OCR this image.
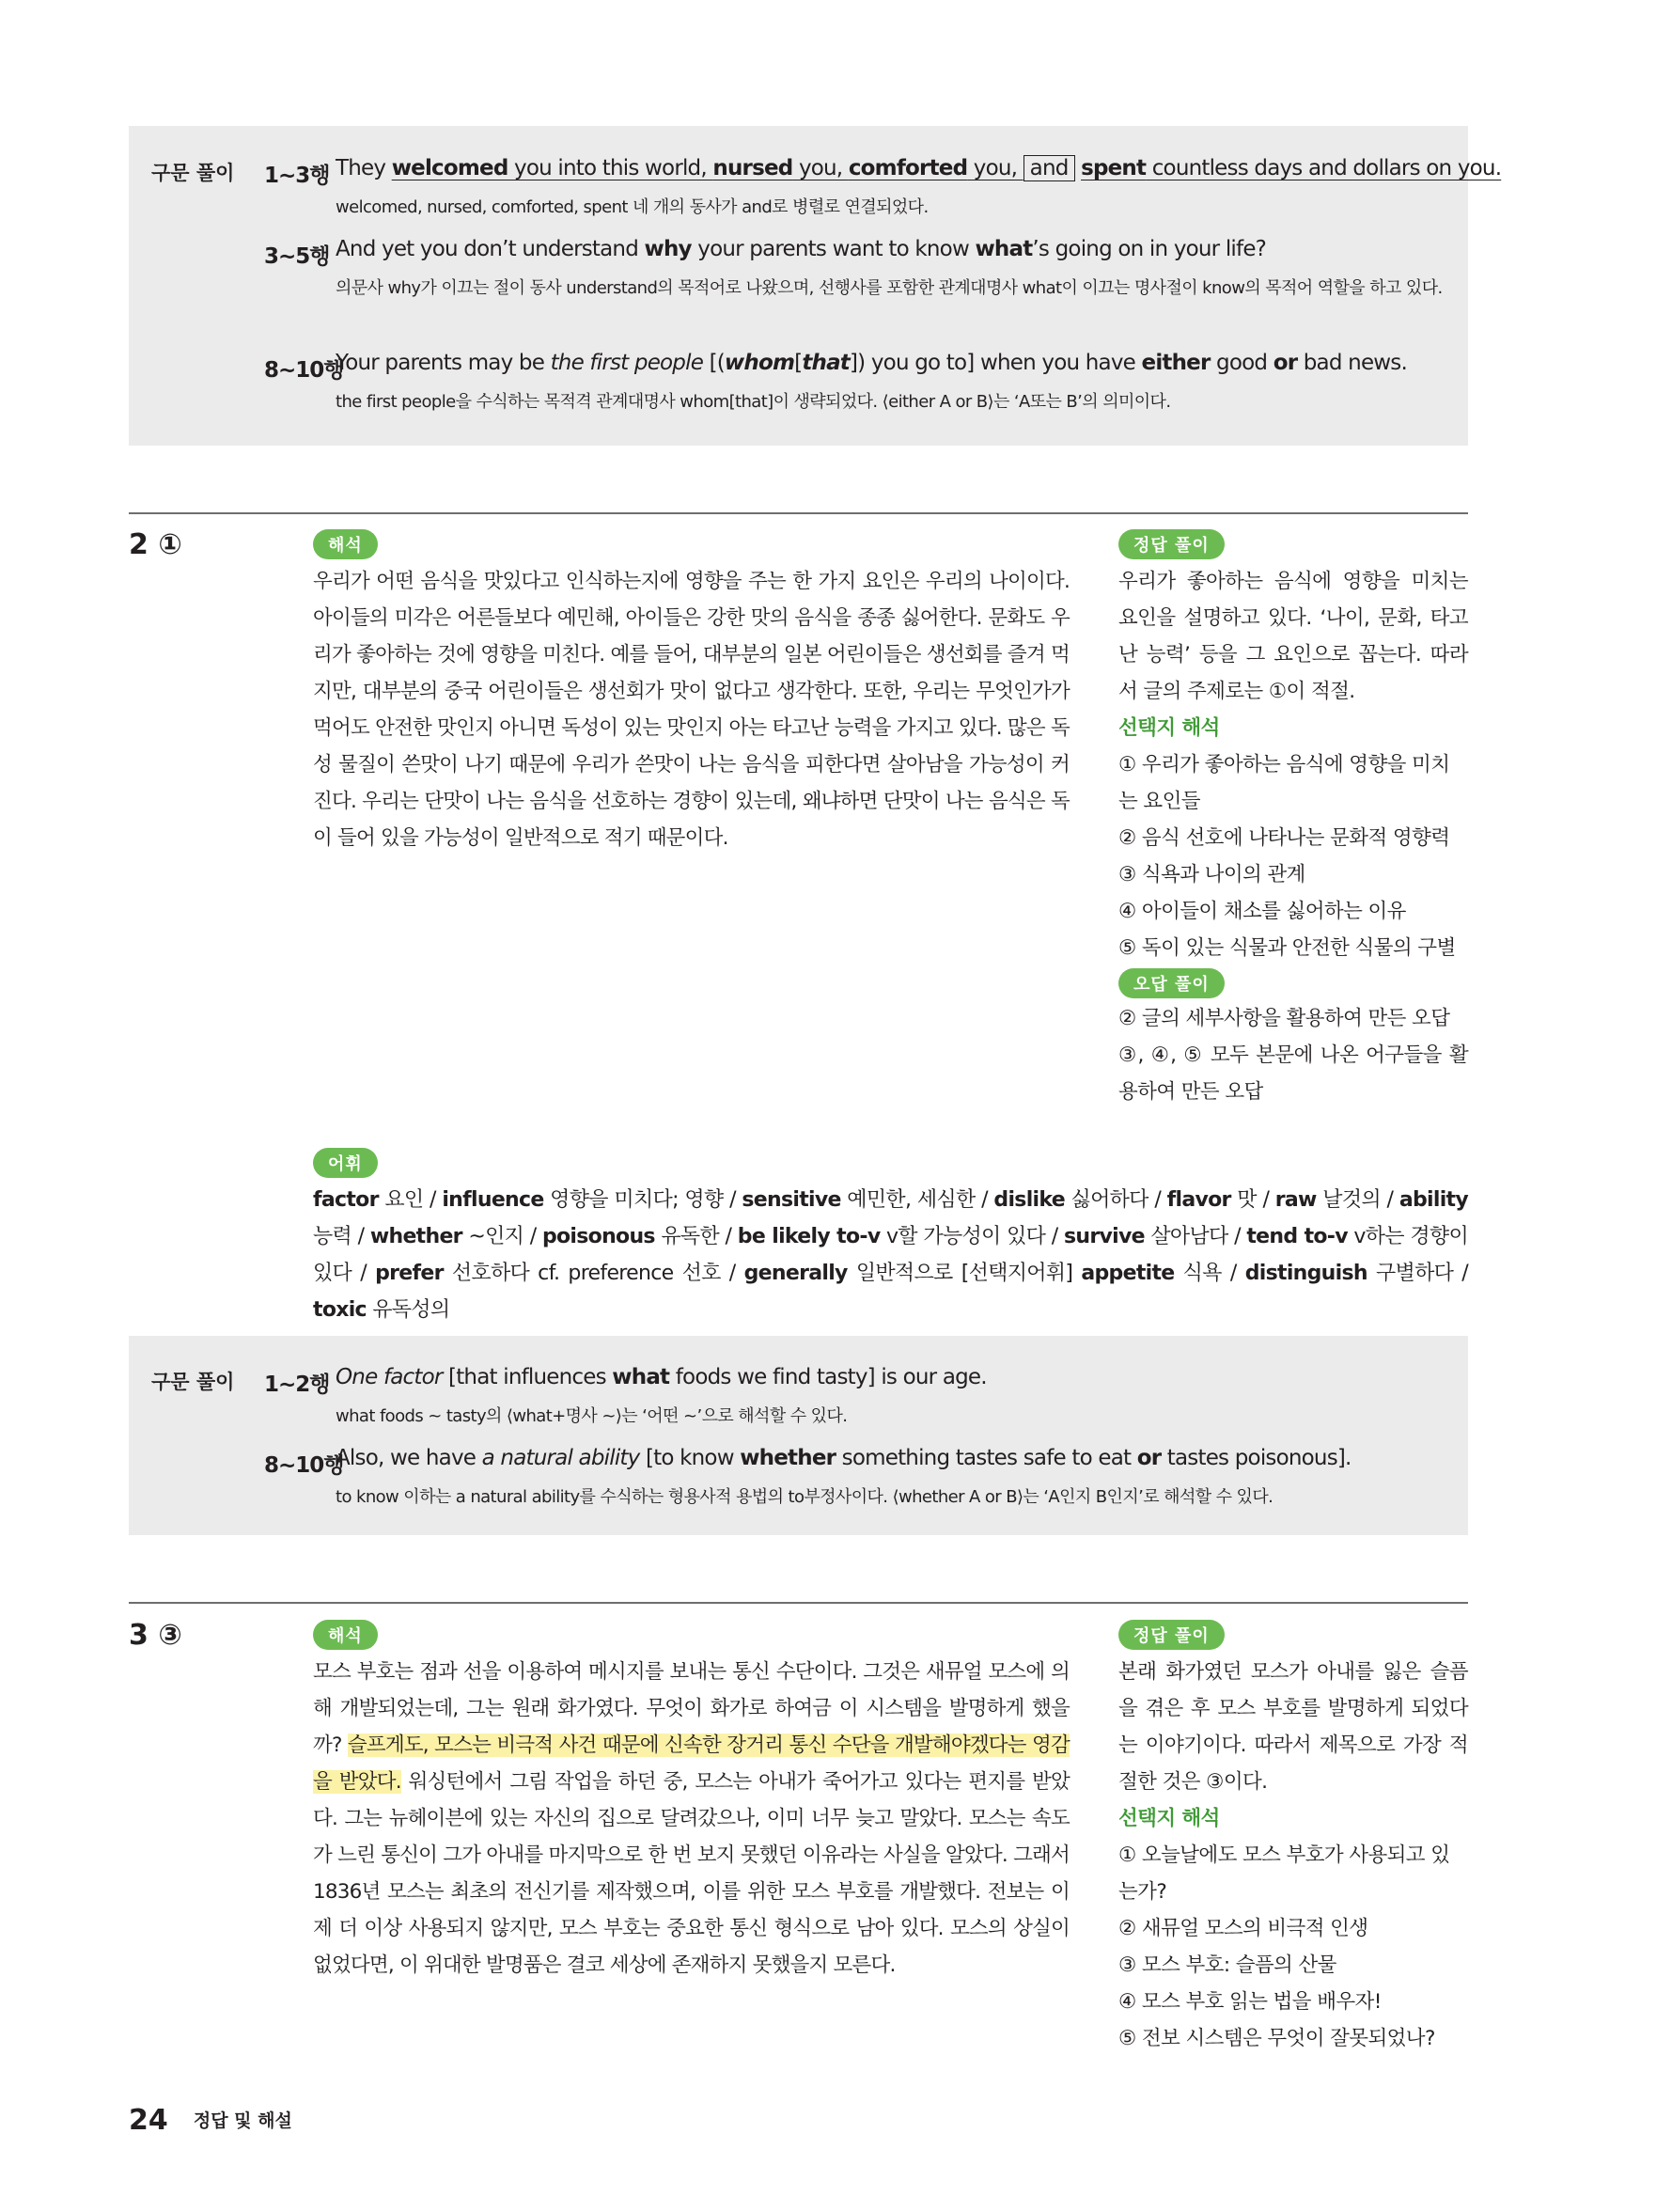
구문 풀이 1~3행 They welcomed you into this world, nursed you, comforted you, and spent countless days and dollars on you.
welcomed, nursed, comforted, spent 네 개의 동사가 and로 병렬로 연결되었다.
3~5행 And yet you don’t understand why your parents want to know what’s going on in your life?
의문사 why가 이끄는 절이 동사 understand의 목적어로 나왔으며, 선행사를 포함한 관계대명사 what이 이끄는 명사절이 know의 목적어 역할을 하고 있다.
8~10행
Your parents may be the first people [(whom[that]) you go to] when you have either good or bad news.
the first people을 수식하는 목적격 관계대명사 whom[that]이 생략되었다. ⟨either A or B⟩는 ‘A또는 B’의 의미이다.
2 ①	해석
우리가 어떤 음식을 맛있다고 인식하는지에 영향을 주는 한 가지 요인은 우리의 나이이다. 아이들의 미각은 어른들보다 예민해, 아이들은 강한 맛의 음식을 종종 싫어한다. 문화도 우리가 좋아하는 것에 영향을 미친다. 예를 들어, 대부분의 일본 어린이들은 생선회를 즐겨 먹지만, 대부분의 중국 어린이들은 생선회가 맛이 없다고 생각한다. 또한, 우리는 무엇인가가 먹어도 안전한 맛인지 아니면 독성이 있는 맛인지 아는 타고난 능력을 가지고 있다. 많은 독성 물질이 쓴맛이 나기 때문에 우리가 쓴맛이 나는 음식을 피한다면 살아남을 가능성이 커진다. 우리는 단맛이 나는 음식을 선호하는 경향이 있는데, 왜냐하면 단맛이 나는 음식은 독이 들어 있을 가능성이 일반적으로 적기 때문이다.
정답 풀이
우리가 좋아하는 음식에 영향을 미치는 요인을 설명하고 있다. ‘나이, 문화, 타고난 능력’ 등을 그 요인으로 꼽는다. 따라서 글의 주제로는 ①이 적절.
선택지 해석
① 우리가 좋아하는 음식에 영향을 미치는 요인들
② 음식 선호에 나타나는 문화적 영향력
③ 식욕과 나이의 관계
④ 아이들이 채소를 싫어하는 이유
⑤ 독이 있는 식물과 안전한 식물의 구별
오답 풀이
② 글의 세부사항을 활용하여 만든 오답
③, ④, ⑤ 모두 본문에 나온 어구들을 활용하여 만든 오답
어휘
factor 요인 / influence 영향을 미치다; 영향 / sensitive 예민한, 세심한 / dislike 싫어하다 / flavor 맛 / raw 날것의 / ability 능력 / whether ~인지 / poisonous 유독한 / be likely to-v v할 가능성이 있다 / survive 살아남다 / tend to-v v하는 경향이 있다 / prefer 선호하다 cf. preference 선호 / generally 일반적으로 [선택지어휘] appetite 식욕 / distinguish 구별하다 / toxic 유독성의
구문 풀이 1~2행 One factor [that influences what foods we find tasty] is our age.
what foods ~ tasty의 ⟨what+명사 ~⟩는 ‘어떤 ~’으로 해석할 수 있다.
8~10행
Also, we have a natural ability [to know whether something tastes safe to eat or tastes poisonous].
to know 이하는 a natural ability를 수식하는 형용사적 용법의 to부정사이다. ⟨whether A or B⟩는 ‘A인지 B인지’로 해석할 수 있다.
3 ③	해석
모스 부호는 점과 선을 이용하여 메시지를 보내는 통신 수단이다. 그것은 새뮤얼 모스에 의해 개발되었는데, 그는 원래 화가였다. 무엇이 화가로 하여금 이 시스템을 발명하게 했을까? 슬프게도, 모스는 비극적 사건 때문에 신속한 장거리 통신 수단을 개발해야겠다는 영감을 받았다. 워싱턴에서 그림 작업을 하던 중, 모스는 아내가 죽어가고 있다는 편지를 받았다. 그는 뉴헤이븐에 있는 자신의 집으로 달려갔으나, 이미 너무 늦고 말았다. 모스는 속도가 느린 통신이 그가 아내를 마지막으로 한 번 보지 못했던 이유라는 사실을 알았다. 그래서 1836년 모스는 최초의 전신기를 제작했으며, 이를 위한 모스 부호를 개발했다. 전보는 이제 더 이상 사용되지 않지만, 모스 부호는 중요한 통신 형식으로 남아 있다. 모스의 상실이 없었다면, 이 위대한 발명품은 결코 세상에 존재하지 못했을지 모른다.
정답 풀이
본래 화가였던 모스가 아내를 잃은 슬픔을 겪은 후 모스 부호를 발명하게 되었다는 이야기이다. 따라서 제목으로 가장 적절한 것은 ③이다.
선택지 해석
① 오늘날에도 모스 부호가 사용되고 있는가?
② 새뮤얼 모스의 비극적 인생
③ 모스 부호: 슬픔의 산물
④ 모스 부호 읽는 법을 배우자!
⑤ 전보 시스템은 무엇이 잘못되었나?
24 정답 및 해설
